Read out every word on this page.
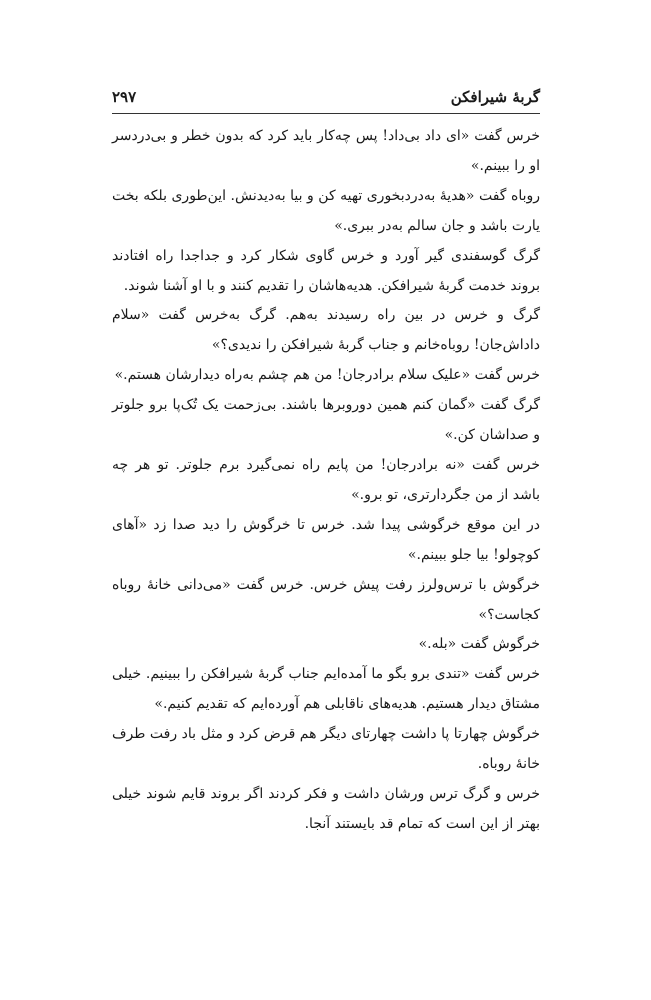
گربهٔ شیرافکن
۲۹۷

خرس گفت «ای داد بی‌داد! پس چه‌کار باید کرد که بدون خطر و بی‌دردسر او را ببینم.»

روباه گفت «هدیهٔ به‌دردبخوری تهیه کن و بیا به‌دیدنش. این‌طوری بلکه بخت یارت باشد و جان سالم به‌در ببری.»

گرگ گوسفندی گیر آورد و خرس گاوی شکار کرد و جداجدا راه افتادند بروند خدمت گربهٔ شیرافکن. هدیه‌هاشان را تقدیم کنند و با او آشنا شوند.

گرگ و خرس در بین راه رسیدند به‌هم. گرگ به‌خرس گفت «سلام داداش‌جان! روباه‌خانم و جناب گربهٔ شیرافکن را ندیدی؟»

خرس گفت «علیک سلام برادرجان! من هم چشم به‌راه دیدارشان هستم.»

گرگ گفت «گمان کنم همین دوروبرها باشند. بی‌زحمت یک تُک‌پا برو جلوتر و صداشان کن.»

خرس گفت «نه برادرجان! من پایم راه نمی‌گیرد برم جلوتر. تو هر چه باشد از من جگردارتری، تو برو.»

در این موقع خرگوشی پیدا شد. خرس تا خرگوش را دید صدا زد «آهای کوچولو! بیا جلو ببینم.»

خرگوش با ترس‌ولرز رفت پیش خرس. خرس گفت «می‌دانی خانهٔ روباه کجاست؟»

خرگوش گفت «بله.»

خرس گفت «تندی برو بگو ما آمده‌ایم جناب گربهٔ شیرافکن را ببینیم. خیلی مشتاق دیدار هستیم. هدیه‌های ناقابلی هم آورده‌ایم که تقدیم کنیم.»

خرگوش چهارتا پا داشت چهارتای دیگر هم قرض کرد و مثل باد رفت طرف خانهٔ روباه.

خرس و گرگ ترس ورشان داشت و فکر کردند اگر بروند قایم شوند خیلی بهتر از این است که تمام قد بایستند آنجا.
